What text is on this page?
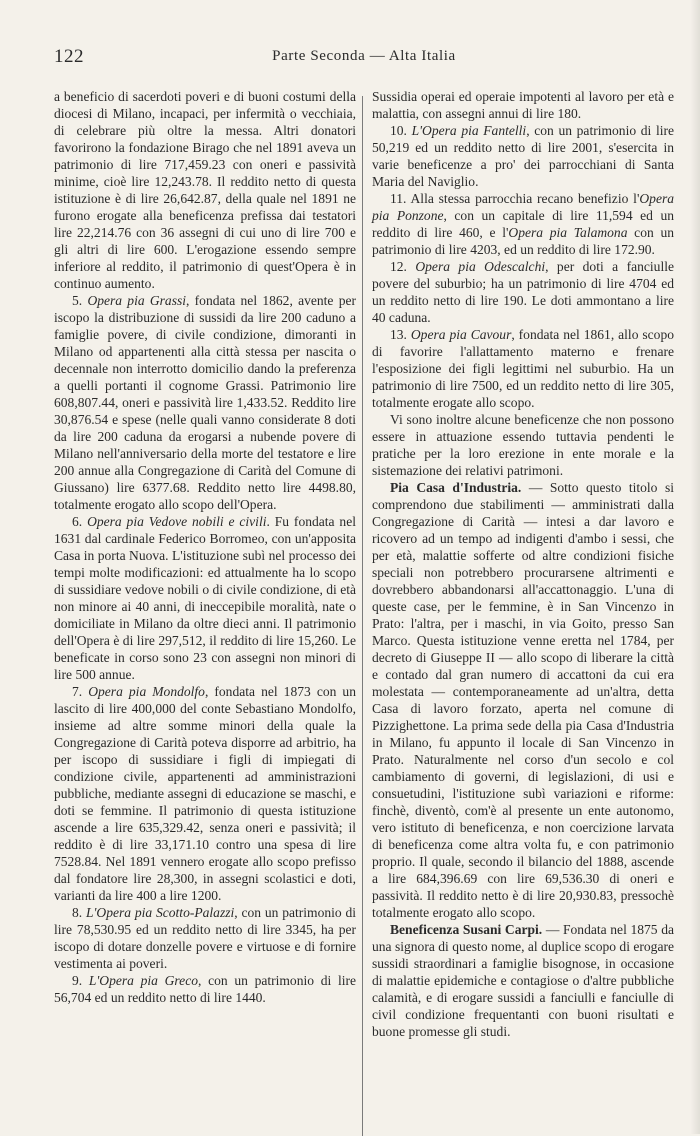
122	Parte Seconda — Alta Italia

a beneficio di sacerdoti poveri e di buoni costumi della diocesi di Milano, incapaci, per infermità o vecchiaia, di celebrare più oltre la messa. Altri donatori favorirono la fondazione Birago che nel 1891 aveva un patrimonio di lire 717,459.23 con oneri e passività minime, cioè lire 12,243.78. Il reddito netto di questa istituzione è di lire 26,642.87, della quale nel 1891 ne furono erogate alla beneficenza prefissa dai testatori lire 22,214.76 con 36 assegni di cui uno di lire 700 e gli altri di lire 600. L'erogazione essendo sempre inferiore al reddito, il patrimonio di quest'Opera è in continuo aumento.

5. Opera pia Grassi, fondata nel 1862, avente per iscopo la distribuzione di sussidi da lire 200 caduno a famiglie povere, di civile condizione, dimoranti in Milano od appartenenti alla città stessa per nascita o decennale non interrotto domicilio dando la preferenza a quelli portanti il cognome Grassi. Patrimonio lire 608,807.44, oneri e passività lire 1,433.52. Reddito lire 30,876.54 e spese (nelle quali vanno considerate 8 doti da lire 200 caduna da erogarsi a nubende povere di Milano nell'anniversario della morte del testatore e lire 200 annue alla Congregazione di Carità del Comune di Giussano) lire 6377.68. Reddito netto lire 4498.80, totalmente erogato allo scopo dell'Opera.

6. Opera pia Vedove nobili e civili. Fu fondata nel 1631 dal cardinale Federico Borromeo, con un'apposita Casa in porta Nuova. L'istituzione subì nel processo dei tempi molte modificazioni: ed attualmente ha lo scopo di sussidiare vedove nobili o di civile condizione, di età non minore ai 40 anni, di ineccepibile moralità, nate o domiciliate in Milano da oltre dieci anni. Il patrimonio dell'Opera è di lire 297,512, il reddito di lire 15,260. Le beneficate in corso sono 23 con assegni non minori di lire 500 annue.

7. Opera pia Mondolfo, fondata nel 1873 con un lascito di lire 400,000 del conte Sebastiano Mondolfo, insieme ad altre somme minori della quale la Congregazione di Carità poteva disporre ad arbitrio, ha per iscopo di sussidiare i figli di impiegati di condizione civile, appartenenti ad amministrazioni pubbliche, mediante assegni di educazione se maschi, e doti se femmine. Il patrimonio di questa istituzione ascende a lire 635,329.42, senza oneri e passività; il reddito è di lire 33,171.10 contro una spesa di lire 7528.84. Nel 1891 vennero erogate allo scopo prefisso dal fondatore lire 28,300, in assegni scolastici e doti, varianti da lire 400 a lire 1200.

8. L'Opera pia Scotto-Palazzi, con un patrimonio di lire 78,530.95 ed un reddito netto di lire 3345, ha per iscopo di dotare donzelle povere e virtuose e di fornire vestimenta ai poveri.

9. L'Opera pia Greco, con un patrimonio di lire 56,704 ed un reddito netto di lire 1440.

Sussidia operai ed operaie impotenti al lavoro per età e malattia, con assegni annui di lire 180.

10. L'Opera pia Fantelli, con un patrimonio di lire 50,219 ed un reddito netto di lire 2001, s'esercita in varie beneficenze a pro' dei parrocchiani di Santa Maria del Naviglio.

11. Alla stessa parrocchia recano benefizio l'Opera pia Ponzone, con un capitale di lire 11,594 ed un reddito di lire 460, e l'Opera pia Talamona con un patrimonio di lire 4203, ed un reddito di lire 172.90.

12. Opera pia Odescalchi, per doti a fanciulle povere del suburbio; ha un patrimonio di lire 4704 ed un reddito netto di lire 190. Le doti ammontano a lire 40 caduna.

13. Opera pia Cavour, fondata nel 1861, allo scopo di favorire l'allattamento materno e frenare l'esposizione dei figli legittimi nel suburbio. Ha un patrimonio di lire 7500, ed un reddito netto di lire 305, totalmente erogate allo scopo.

Vi sono inoltre alcune beneficenze che non possono essere in attuazione essendo tuttavia pendenti le pratiche per la loro erezione in ente morale e la sistemazione dei relativi patrimoni.

Pia Casa d'Industria. — Sotto questo titolo si comprendono due stabilimenti — amministrati dalla Congregazione di Carità — intesi a dar lavoro e ricovero ad un tempo ad indigenti d'ambo i sessi, che per età, malattie sofferte od altre condizioni fisiche speciali non potrebbero procurarsene altrimenti e dovrebbero abbandonarsi all'accattonaggio. L'una di queste case, per le femmine, è in San Vincenzo in Prato: l'altra, per i maschi, in via Goito, presso San Marco. Questa istituzione venne eretta nel 1784, per decreto di Giuseppe II — allo scopo di liberare la città e contado dal gran numero di accattoni da cui era molestata — contemporaneamente ad un'altra, detta Casa di lavoro forzato, aperta nel comune di Pizzighettone. La prima sede della pia Casa d'Industria in Milano, fu appunto il locale di San Vincenzo in Prato. Naturalmente nel corso d'un secolo e col cambiamento di governi, di legislazioni, di usi e consuetudini, l'istituzione subì variazioni e riforme: finchè, diventò, com'è al presente un ente autonomo, vero istituto di beneficenza, e non coercizione larvata di beneficenza come altra volta fu, e con patrimonio proprio. Il quale, secondo il bilancio del 1888, ascende a lire 684,396.69 con lire 69,536.30 di oneri e passività. Il reddito netto è di lire 20,930.83, pressochè totalmente erogato allo scopo.

Beneficenza Susani Carpi. — Fondata nel 1875 da una signora di questo nome, al duplice scopo di erogare sussidi straordinari a famiglie bisognose, in occasione di malattie epidemiche e contagiose o d'altre pubbliche calamità, e di erogare sussidi a fanciulli e fanciulle di civil condizione frequentanti con buoni risultati e buone promesse gli studi.
